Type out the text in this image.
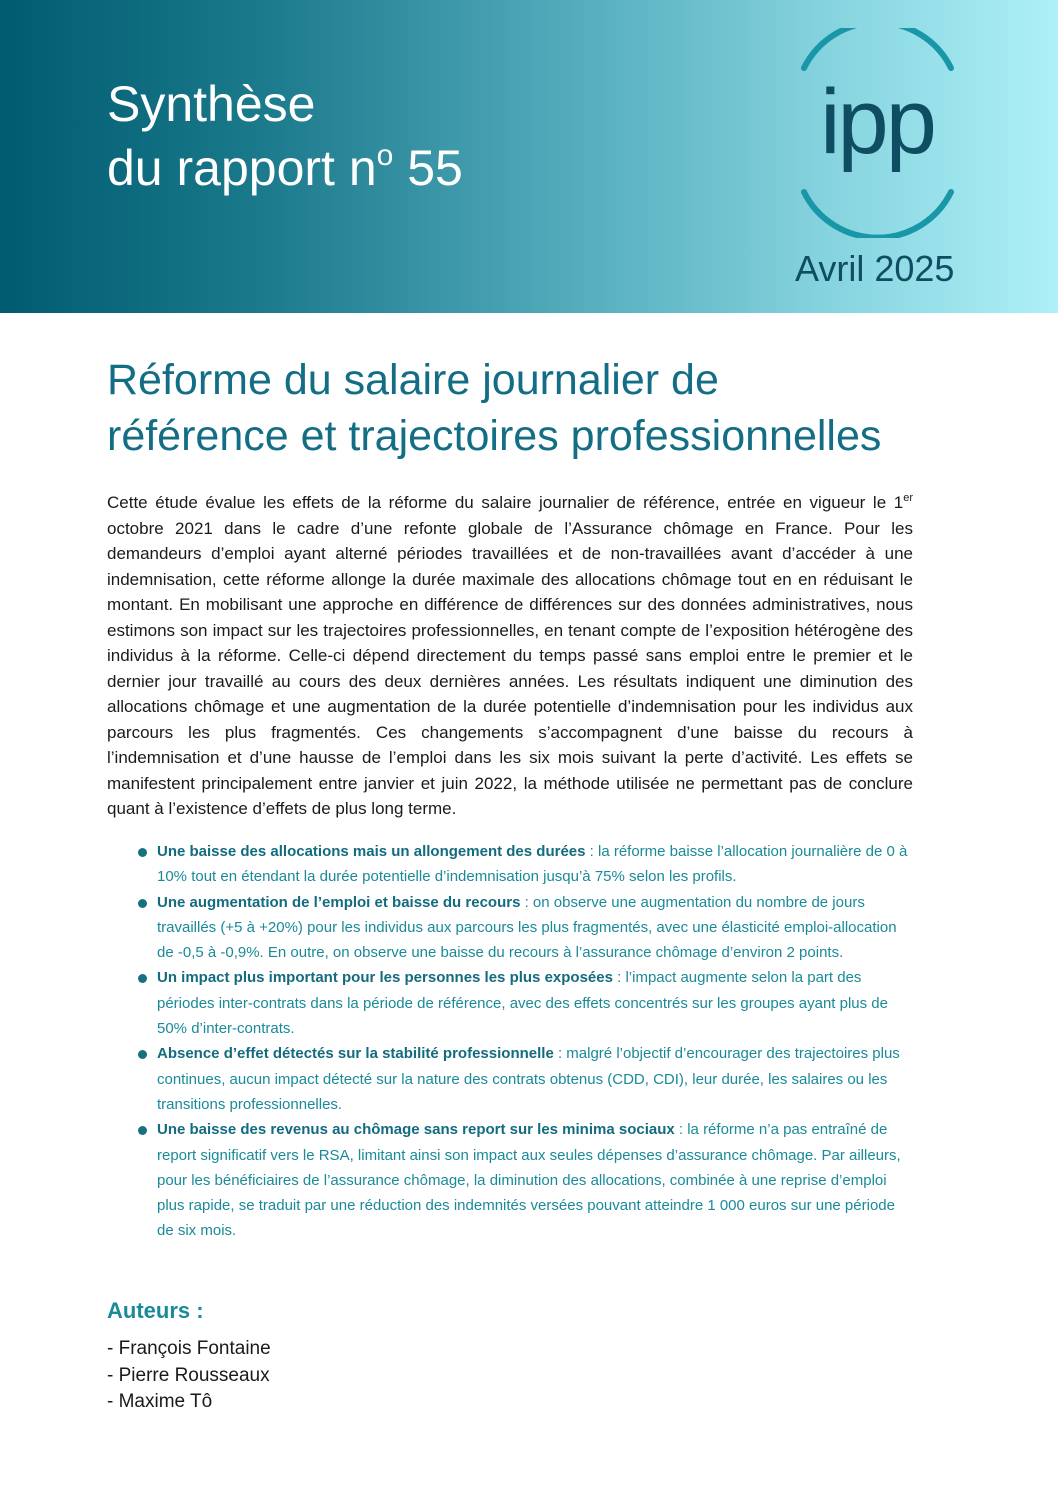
Synthèse
du rapport $n^o$ 55	ipp
Avril 2025
Réforme du salaire journalier de
référence et trajectoires professionnelles

Cette étude évalue les effets de la réforme du salaire journalier de référence, entrée en vigueur le 1er octobre 2021 dans le cadre d’une refonte globale de l’Assurance chômage en France. Pour les demandeurs d’emploi ayant alterné périodes travaillées et de non-travaillées avant d’accéder à une indemnisation, cette réforme allonge la durée maximale des allocations chômage tout en en réduisant le montant. En mobilisant une approche en différence de différences sur des données administratives, nous estimons son impact sur les trajectoires professionnelles, en tenant compte de l’exposition hétérogène des individus à la réforme. Celle-ci dépend directement du temps passé sans emploi entre le premier et le dernier jour travaillé au cours des deux dernières années. Les résultats indiquent une diminution des allocations chômage et une augmentation de la durée potentielle d’indemnisation pour les individus aux parcours les plus fragmentés. Ces changements s’accompagnent d’une baisse du recours à l’indemnisation et d’une hausse de l’emploi dans les six mois suivant la perte d’activité. Les effets se manifestent principalement entre janvier et juin 2022, la méthode utilisée ne permettant pas de conclure quant à l’existence d’effets de plus long terme.

Une baisse des allocations mais un allongement des durées : la réforme baisse l’allocation journalière de 0 à 10% tout en étendant la durée potentielle d’indemnisation jusqu’à 75% selon les profils.
Une augmentation de l’emploi et baisse du recours : on observe une augmentation du nombre de jours travaillés (+5 à +20%) pour les individus aux parcours les plus fragmentés, avec une élasticité emploi-allocation de -0,5 à -0,9%. En outre, on observe une baisse du recours à l’assurance chômage d’environ 2 points.
Un impact plus important pour les personnes les plus exposées : l’impact augmente selon la part des périodes inter-contrats dans la période de référence, avec des effets concentrés sur les groupes ayant plus de 50% d’inter-contrats.
Absence d’effet détectés sur la stabilité professionnelle : malgré l’objectif d’encourager des trajectoires plus continues, aucun impact détecté sur la nature des contrats obtenus (CDD, CDI), leur durée, les salaires ou les transitions professionnelles.
Une baisse des revenus au chômage sans report sur les minima sociaux : la réforme n’a pas entraîné de report significatif vers le RSA, limitant ainsi son impact aux seules dépenses d’assurance chômage. Par ailleurs, pour les bénéficiaires de l’assurance chômage, la diminution des allocations, combinée à une reprise d’emploi plus rapide, se traduit par une réduction des indemnités versées pouvant atteindre 1 000 euros sur une période de six mois.
Auteurs :
- François Fontaine
- Pierre Rousseaux
- Maxime Tô
